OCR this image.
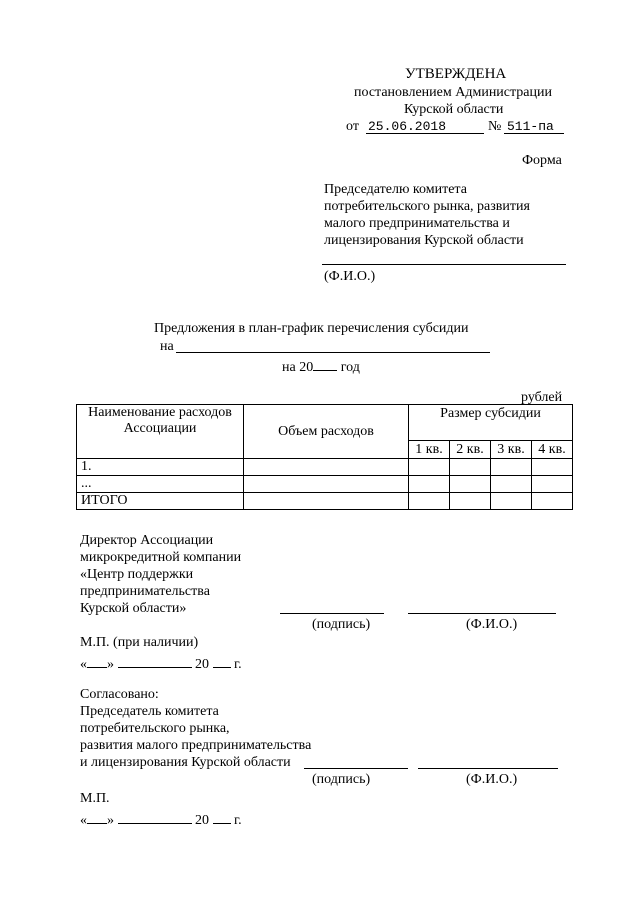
УТВЕРЖДЕНА
постановлением Администрации
Курской области
от 25.06.2018	№ 511-па
Форма
Председателю комитета
потребительского рынка, развития
малого предпринимательства и
лицензирования Курской области
(Ф.И.О.)
Предложения в план-график перечисления субсидии
на
на 20 год
рублей
Наименование расходов
Ассоциации	Объем расходов	Размер субсидии			
		1 кв.	2 кв.	3 кв.	4 кв.
1.					
...					
ИТОГО					
Директор Ассоциации
микрокредитной компании
«Центр поддержки
предпринимательства
Курской области»
(подпись)	(Ф.И.О.)
М.П. (при наличии)
« »	20 г.
Согласовано:
Председатель комитета
потребительского рынка,
развития малого предпринимательства
и лицензирования Курской области
(подпись)	(Ф.И.О.)
М.П.
« »	20 г.
